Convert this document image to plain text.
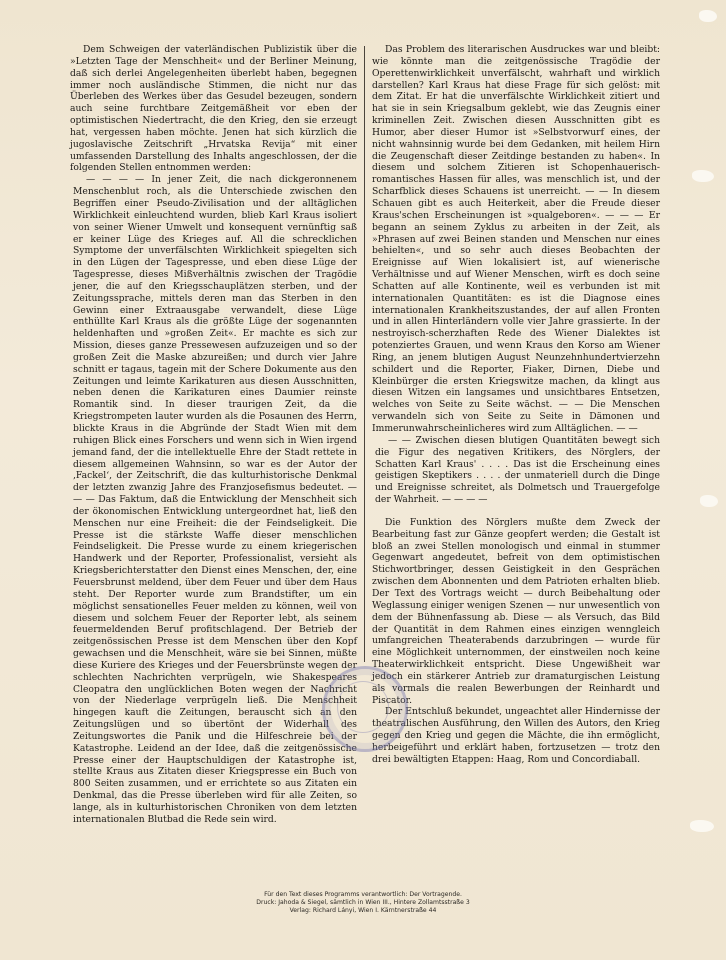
Dem Schweigen der vaterländischen Publizistik über die »Letzten Tage der Menschheit« und der Berliner Meinung, daß sich derlei Angelegenheiten überlebt haben, begegnen immer noch ausländische Stimmen, die nicht nur das Überleben des Werkes über das Gesudel bezeugen, sondern auch seine furchtbare Zeitgemäßheit vor eben der optimistischen Niedertracht, die den Krieg, den sie erzeugt hat, vergessen haben möchte. Jenen hat sich kürzlich die jugoslavische Zeitschrift „Hrvatska Revija“ mit einer umfassenden Darstellung des Inhalts angeschlossen, der die folgenden Stellen entnommen werden:

— — — — In jener Zeit, die nach dickgeronnenem Menschenblut roch, als die Unterschiede zwischen den Begriffen einer Pseudo-Zivilisation und der alltäglichen Wirklichkeit einleuchtend wurden, blieb Karl Kraus isoliert von seiner Wiener Umwelt und konsequent vernünftig saß er keiner Lüge des Krieges auf. All die schrecklichen Symptome der unverfälschten Wirklichkeit spiegelten sich in den Lügen der Tagespresse, und eben diese Lüge der Tagespresse, dieses Mißverhältnis zwischen der Tragödie jener, die auf den Kriegsschauplätzen sterben, und der Zeitungssprache, mittels deren man das Sterben in den Gewinn einer Extraausgabe verwandelt, diese Lüge enthüllte Karl Kraus als die größte Lüge der sogenannten heldenhaften und »großen Zeit«. Er machte es sich zur Mission, dieses ganze Pressewesen aufzuzeigen und so der großen Zeit die Maske abzureißen; und durch vier Jahre schnitt er tagaus, tagein mit der Schere Dokumente aus den Zeitungen und leimte Karikaturen aus diesen Ausschnitten, neben denen die Karikaturen eines Daumier reinste Romantik sind. In dieser traurigen Zeit, da die Kriegstrompeten lauter wurden als die Posaunen des Herrn, blickte Kraus in die Abgründe der Stadt Wien mit dem ruhigen Blick eines Forschers und wenn sich in Wien irgend jemand fand, der die intellektuelle Ehre der Stadt rettete in diesem allgemeinen Wahnsinn, so war es der Autor der ‚Fackel‘, der Zeitschrift, die das kulturhistorische Denkmal der letzten zwanzig Jahre des Franzjosefismus bedeutet. — — — Das Faktum, daß die Entwicklung der Menschheit sich der ökonomischen Entwicklung untergeordnet hat, ließ den Menschen nur eine Freiheit: die der Feindseligkeit. Die Presse ist die stärkste Waffe dieser menschlichen Feindseligkeit. Die Presse wurde zu einem kriegerischen Handwerk und der Reporter, Professionalist, versieht als Kriegsberichterstatter den Dienst eines Menschen, der, eine Feuersbrunst meldend, über dem Feuer und über dem Haus steht. Der Reporter wurde zum Brandstifter, um ein möglichst sensationelles Feuer melden zu können, weil von diesem und solchem Feuer der Reporter lebt, als seinem feuermeldenden Beruf profitschlagend. Der Betrieb der zeitgenössischen Presse ist dem Menschen über den Kopf gewachsen und die Menschheit, wäre sie bei Sinnen, müßte diese Kuriere des Krieges und der Feuersbrünste wegen der schlechten Nachrichten verprügeln, wie Shakespeares Cleopatra den unglücklichen Boten wegen der Nachricht von der Niederlage verprügeln ließ. Die Menschheit hingegen kauft die Zeitungen, berauscht sich an den Zeitungslügen und so übertönt der Widerhall des Zeitungswortes die Panik und die Hilfeschreie bei der Katastrophe. Leidend an der Idee, daß die zeitgenössische Presse einer der Hauptschuldigen der Katastrophe ist, stellte Kraus aus Zitaten dieser Kriegspresse ein Buch von 800 Seiten zusammen, und er errichtete so aus Zitaten ein Denkmal, das die Presse überleben wird für alle Zeiten, so lange, als in kulturhistorischen Chroniken von dem letzten internationalen Blutbad die Rede sein wird.

Das Problem des literarischen Ausdruckes war und bleibt: wie könnte man die zeitgenössische Tragödie der Operettenwirklichkeit unverfälscht, wahrhaft und wirklich darstellen? Karl Kraus hat diese Frage für sich gelöst: mit dem Zitat. Er hat die unverfälschte Wirklichkeit zitiert und hat sie in sein Kriegsalbum geklebt, wie das Zeugnis einer kriminellen Zeit. Zwischen diesen Ausschnitten gibt es Humor, aber dieser Humor ist »Selbstvorwurf eines, der nicht wahnsinnig wurde bei dem Gedanken, mit heilem Hirn die Zeugenschaft dieser Zeitdinge bestanden zu haben«. In diesem und solchem Zitieren ist Schopenhauerisch-romantisches Hassen für alles, was menschlich ist, und der Scharfblick dieses Schauens ist unerreicht. — — In diesem Schauen gibt es auch Heiterkeit, aber die Freude dieser Kraus'schen Erscheinungen ist »qualgeboren«. — — — Er begann an seinem Zyklus zu arbeiten in der Zeit, als »Phrasen auf zwei Beinen standen und Menschen nur eines behielten«, und so sehr auch dieses Beobachten der Ereignisse auf Wien lokalisiert ist, auf wienerische Verhältnisse und auf Wiener Menschen, wirft es doch seine Schatten auf alle Kontinente, weil es verbunden ist mit internationalen Quantitäten: es ist die Diagnose eines internationalen Krankheitszustandes, der auf allen Fronten und in allen Hinterländern volle vier Jahre grassierte. In der nestroyisch-scherzhaften Rede des Wiener Dialektes ist potenziertes Grauen, und wenn Kraus den Korso am Wiener Ring, an jenem blutigen August Neunzehnhundertvierzehn schildert und die Reporter, Fiaker, Dirnen, Diebe und Kleinbürger die ersten Kriegswitze machen, da klingt aus diesen Witzen ein langsames und unsichtbares Entsetzen, welches von Seite zu Seite wächst. — — Die Menschen verwandeln sich von Seite zu Seite in Dämonen und Immerunwahrscheinlicheres wird zum Alltäglichen. — —

— — Zwischen diesen blutigen Quantitäten bewegt sich die Figur des negativen Kritikers, des Nörglers, der Schatten Karl Kraus' . . . . Das ist die Erscheinung eines geistigen Skeptikers . . . . der unmateriell durch die Dinge und Ereignisse schreitet, als Dolmetsch und Trauergefolge der Wahrheit. — — — —

Die Funktion des Nörglers mußte dem Zweck der Bearbeitung fast zur Gänze geopfert werden; die Gestalt ist bloß an zwei Stellen monologisch und einmal in stummer Gegenwart angedeutet, befreit von dem optimistischen Stichwortbringer, dessen Geistigkeit in den Gesprächen zwischen dem Abonnenten und dem Patrioten erhalten blieb. Der Text des Vortrags weicht — durch Beibehaltung oder Weglassung einiger wenigen Szenen — nur unwesentlich von dem der Bühnenfassung ab. Diese — als Versuch, das Bild der Quantität in dem Rahmen eines einzigen wenngleich umfangreichen Theaterabends darzubringen — wurde für eine Möglichkeit unternommen, der einstweilen noch keine Theaterwirklichkeit entspricht. Diese Ungewißheit war jedoch ein stärkerer Antrieb zur dramaturgischen Leistung als vormals die realen Bewerbungen der Reinhardt und Piscator.

Der Entschluß bekundet, ungeachtet aller Hindernisse der theatralischen Ausführung, den Willen des Autors, den Krieg gegen den Krieg und gegen die Mächte, die ihn ermöglicht, herbeigeführt und erklärt haben, fortzusetzen — trotz den drei bewältigten Etappen: Haag, Rom und Concordiaball.

Für den Text dieses Programms verantwortlich: Der Vortragende.
Druck: Jahoda & Siegel, sämtlich in Wien III., Hintere Zollamtsstraße 3
Verlag: Richard Lányi, Wien I. Kärntnerstraße 44
